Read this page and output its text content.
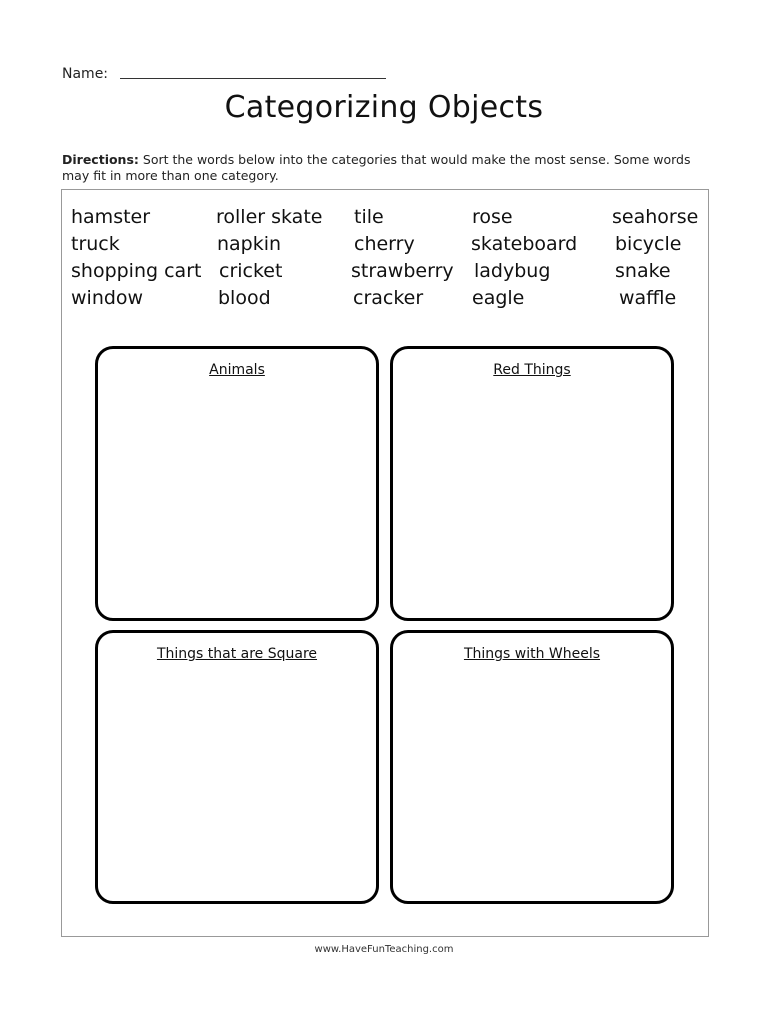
Name:
Categorizing Objects
Directions: Sort the words below into the categories that would make the most sense. Some words may fit in more than one category.
hamster
truck
shopping cart
window
roller skate
napkin
cricket
blood
tile
cherry
strawberry
cracker
rose
skateboard
ladybug
eagle
seahorse
bicycle
snake
waffle
Animals	Red Things
Things that are Square	Things with Wheels
www.HaveFunTeaching.com
